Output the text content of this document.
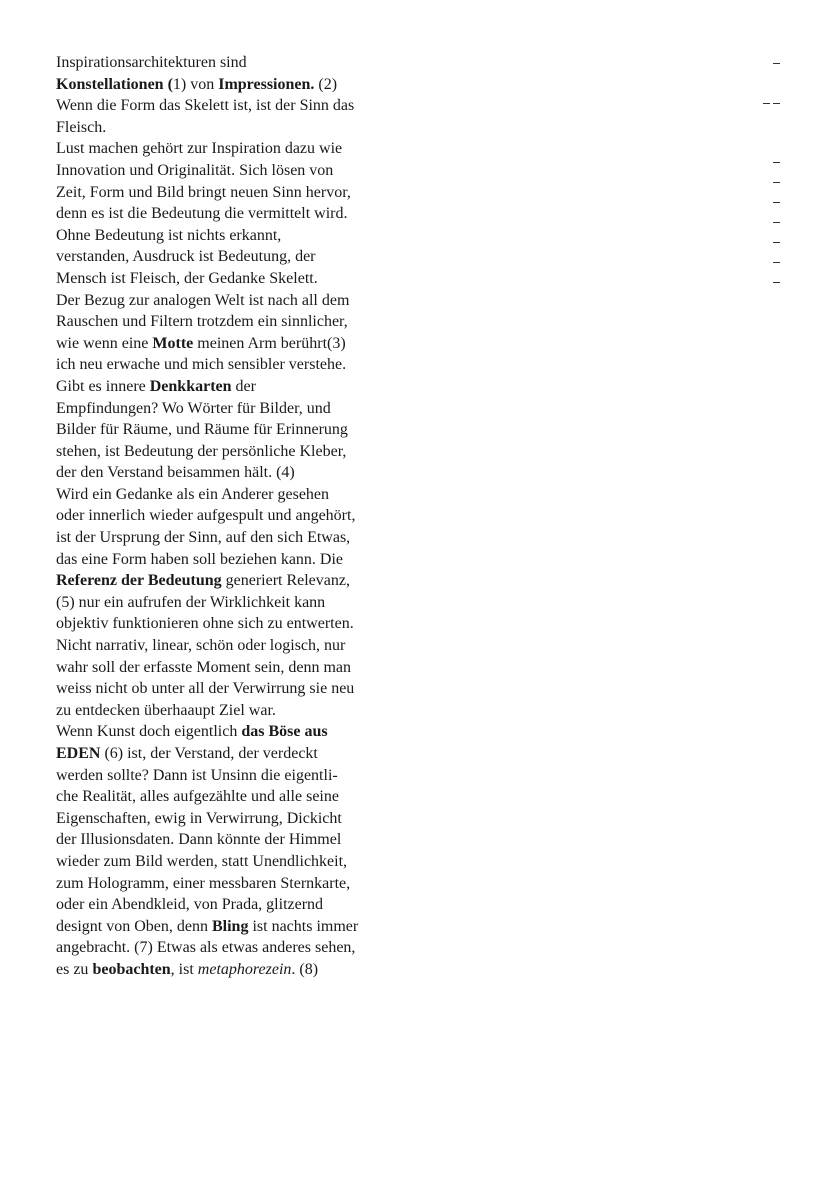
Inspirationsarchitekturen sind
Konstellationen (1) von Impressionen. (2)
Wenn die Form das Skelett ist, ist der Sinn das
Fleisch.
Lust machen gehört zur Inspiration dazu wie
Innovation und Originalität. Sich lösen von
Zeit, Form und Bild bringt neuen Sinn hervor,
denn es ist die Bedeutung die vermittelt wird.
Ohne Bedeutung ist nichts erkannt,
verstanden, Ausdruck ist Bedeutung, der
Mensch ist Fleisch, der Gedanke Skelett.
Der Bezug zur analogen Welt ist nach all dem
Rauschen und Filtern trotzdem ein sinnlicher,
wie wenn eine Motte meinen Arm berührt(3)
ich neu erwache und mich sensibler verstehe.
Gibt es innere Denkkarten der
Empfindungen? Wo Wörter für Bilder, und
Bilder für Räume, und Räume für Erinnerung
stehen, ist Bedeutung der persönliche Kleber,
der den Verstand beisammen hält. (4)
Wird ein Gedanke als ein Anderer gesehen
oder innerlich wieder aufgespult und angehört,
ist der Ursprung der Sinn, auf den sich Etwas,
das eine Form haben soll beziehen kann. Die
Referenz der Bedeutung generiert Relevanz,
(5) nur ein aufrufen der Wirklichkeit kann
objektiv funktionieren ohne sich zu entwerten.
Nicht narrativ, linear, schön oder logisch, nur
wahr soll der erfasste Moment sein, denn man
weiss nicht ob unter all der Verwirrung sie neu
zu entdecken überhaaupt Ziel war.
Wenn Kunst doch eigentlich das Böse aus
EDEN (6) ist, der Verstand, der verdeckt
werden sollte? Dann ist Unsinn die eigentli-
che Realität, alles aufgezählte und alle seine
Eigenschaften, ewig in Verwirrung, Dickicht
der Illusionsdaten. Dann könnte der Himmel
wieder zum Bild werden, statt Unendlichkeit,
zum Hologramm, einer messbaren Sternkarte,
oder ein Abendkleid, von Prada, glitzernd
designt von Oben, denn Bling ist nachts immer
angebracht. (7) Etwas als etwas anderes sehen,
es zu beobachten, ist metaphorezein. (8)
